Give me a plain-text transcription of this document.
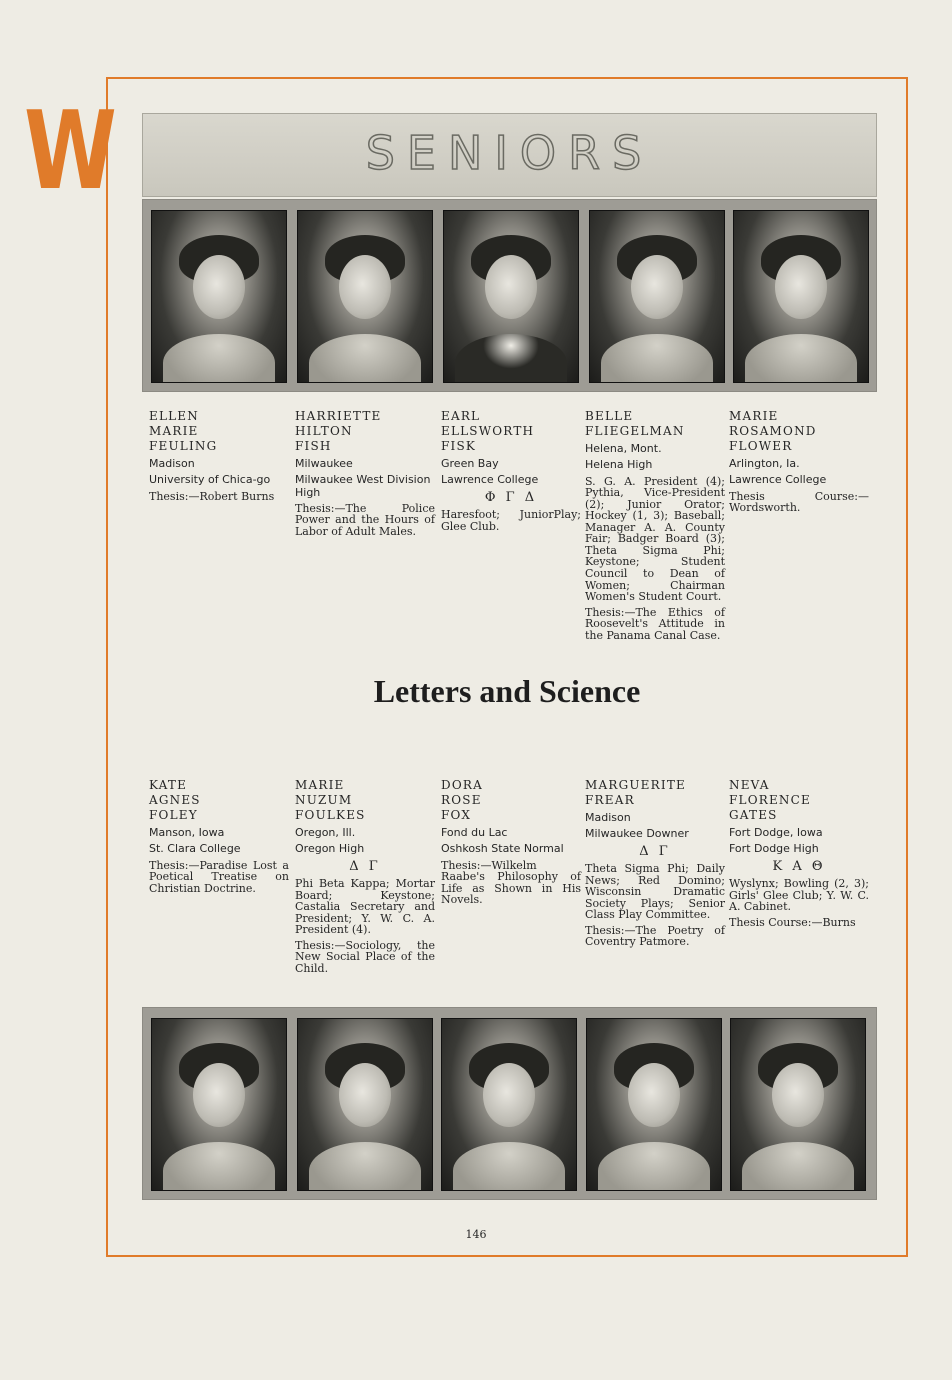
W	SENIORS
ELLEN
MARIE
FEULING
Madison
University of Chica-go
Thesis:—Robert Burns
HARRIETTE
HILTON
FISH
Milwaukee
Milwaukee West Division High
Thesis:—The Police Power and the Hours of Labor of Adult Males.
EARL
ELLSWORTH
FISK
Green Bay
Lawrence College
Φ Γ Δ
Haresfoot; JuniorPlay; Glee Club.
BELLE
FLIEGELMAN
Helena, Mont.
Helena High
S. G. A. President (4); Pythia, Vice-President (2); Junior Orator; Hockey (1, 3); Baseball; Manager A. A. County Fair; Badger Board (3); Theta Sigma Phi; Keystone; Student Council to Dean of Women; Chairman Women's Student Court.
Thesis:—The Ethics of Roosevelt's Attitude in the Panama Canal Case.
MARIE
ROSAMOND
FLOWER
Arlington, Ia.
Lawrence College
Thesis Course:—Wordsworth.
Letters and Science
KATE
AGNES
FOLEY
Manson, Iowa
St. Clara College
Thesis:—Paradise Lost a Poetical Treatise on Christian Doctrine.
MARIE
NUZUM
FOULKES
Oregon, Ill.
Oregon High
Δ Γ
Phi Beta Kappa; Mortar Board; Keystone; Castalia Secretary and President; Y. W. C. A. President (4).
Thesis:—Sociology, the New Social Place of the Child.
DORA
ROSE
FOX
Fond du Lac
Oshkosh State Normal
Thesis:—Wilkelm Raabe's Philosophy of Life as Shown in His Novels.
MARGUERITE
FREAR
Madison
Milwaukee Downer
Δ Γ
Theta Sigma Phi; Daily News; Red Domino; Wisconsin Dramatic Society Plays; Senior Class Play Committee.
Thesis:—The Poetry of Coventry Patmore.
NEVA
FLORENCE
GATES
Fort Dodge, Iowa
Fort Dodge High
Κ Α Θ
Wyslynx; Bowling (2, 3); Girls' Glee Club; Y. W. C. A. Cabinet.
Thesis Course:—Burns
146
